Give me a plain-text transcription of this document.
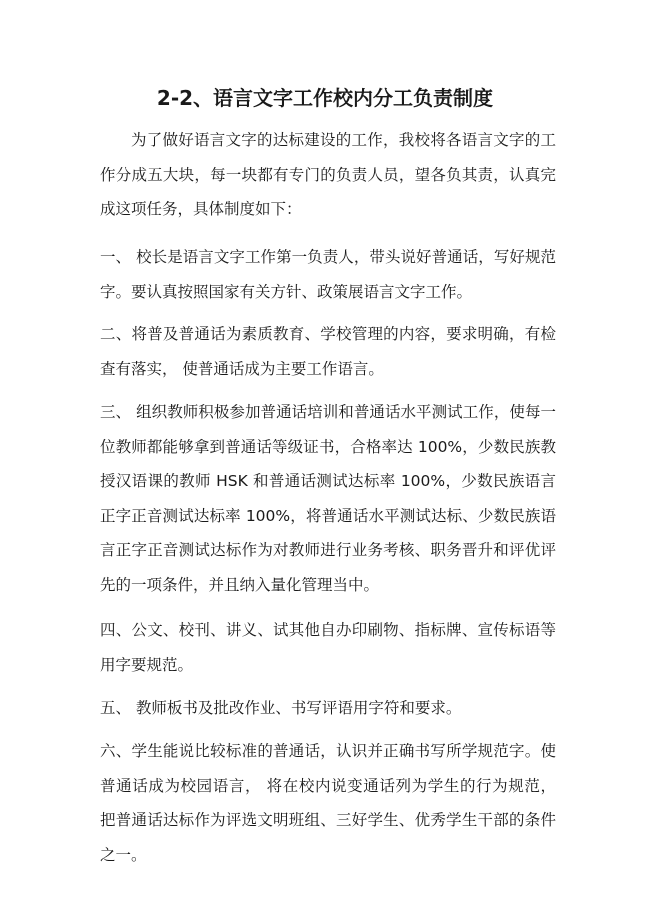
2-2、语言文字工作校内分工负责制度

为了做好语言文字的达标建设的工作，我校将各语言文字的工作分成五大块，每一块都有专门的负责人员，望各负其责，认真完成这项任务，具体制度如下：

一、 校长是语言文字工作第一负责人，带头说好普通话，写好规范字。要认真按照国家有关方针、政策展语言文字工作。

二、将普及普通话为素质教育、学校管理的内容，要求明确，有检查有落实， 使普通话成为主要工作语言。

三、 组织教师积极参加普通话培训和普通话水平测试工作，使每一位教师都能够拿到普通话等级证书，合格率达 100%，少数民族教授汉语课的教师 HSK 和普通话测试达标率 100%，少数民族语言正字正音测试达标率 100%，将普通话水平测试达标、少数民族语言正字正音测试达标作为对教师进行业务考核、职务晋升和评优评先的一项条件，并且纳入量化管理当中。

四、公文、校刊、讲义、试其他自办印刷物、指标牌、宣传标语等用字要规范。

五、 教师板书及批改作业、书写评语用字符和要求。

六、学生能说比较标准的普通话，认识并正确书写所学规范字。使普通话成为校园语言， 将在校内说变通话列为学生的行为规范， 把普通话达标作为评选文明班组、三好学生、优秀学生干部的条件之一。
